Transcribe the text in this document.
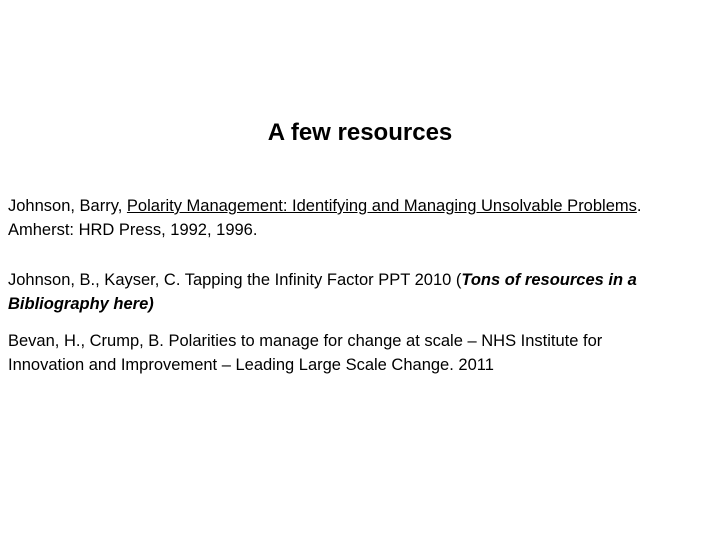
A few resources
Johnson, Barry, Polarity Management: Identifying and Managing Unsolvable Problems.
Amherst: HRD Press, 1992, 1996.
Johnson, B., Kayser, C. Tapping the Infinity Factor PPT 2010 (Tons of resources in a
Bibliography here)
Bevan, H., Crump, B. Polarities to manage for change at scale – NHS Institute for
Innovation and Improvement – Leading Large Scale Change. 2011
